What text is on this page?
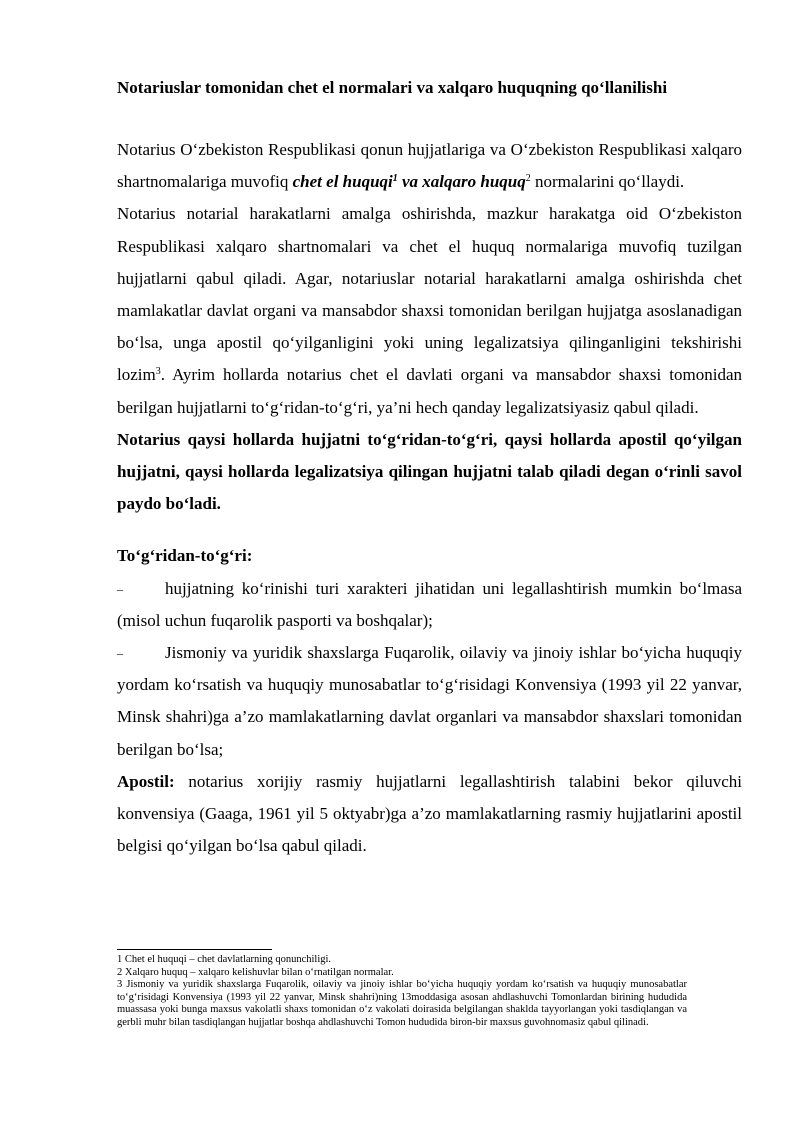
Notariuslar tomonidan chet el normalari va xalqaro huquqning qo‘llanilishi

Notarius O‘zbekiston Respublikasi qonun hujjatlariga va O‘zbekiston Respublikasi xalqaro shartnomalariga muvofiq chet el huquqi$^1$ va xalqaro huquq$^2$ normalarini qo‘llaydi.

Notarius notarial harakatlarni amalga oshirishda, mazkur harakatga oid O‘zbekiston Respublikasi xalqaro shartnomalari va chet el huquq normalariga muvofiq tuzilgan hujjatlarni qabul qiladi. Agar, notariuslar notarial harakatlarni amalga oshirishda chet mamlakatlar davlat organi va mansabdor shaxsi tomonidan berilgan hujjatga asoslanadigan bo‘lsa, unga apostil qo‘yilganligini yoki uning legalizatsiya qilinganligini tekshirishi lozim$^3$. Ayrim hollarda notarius chet el davlati organi va mansabdor shaxsi tomonidan berilgan hujjatlarni to‘g‘ridan-to‘g‘ri, ya’ni hech qanday legalizatsiyasiz qabul qiladi.

Notarius qaysi hollarda hujjatni to‘g‘ridan-to‘g‘ri, qaysi hollarda apostil qo‘yilgan hujjatni, qaysi hollarda legalizatsiya qilingan hujjatni talab qiladi degan o‘rinli savol paydo bo‘ladi.

To‘g‘ridan-to‘g‘ri:

– hujjatning ko‘rinishi turi xarakteri jihatidan uni legallashtirish mumkin bo‘lmasa (misol uchun fuqarolik pasporti va boshqalar);

– Jismoniy va yuridik shaxslarga Fuqarolik, oilaviy va jinoiy ishlar bo‘yicha huquqiy yordam ko‘rsatish va huquqiy munosabatlar to‘g‘risidagi Konvensiya (1993 yil 22 yanvar, Minsk shahri)ga a’zo mamlakatlarning davlat organlari va mansabdor shaxslari tomonidan berilgan bo‘lsa;

Apostil: notarius xorijiy rasmiy hujjatlarni legallashtirish talabini bekor qiluvchi konvensiya (Gaaga, 1961 yil 5 oktyabr)ga a’zo mamlakatlarning rasmiy hujjatlarini apostil belgisi qo‘yilgan bo‘lsa qabul qiladi.

1 Chet el huquqi – chet davlatlarning qonunchiligi.
2 Xalqaro huquq – xalqaro kelishuvlar bilan o‘rnatilgan normalar.
3 Jismoniy va yuridik shaxslarga Fuqarolik, oilaviy va jinoiy ishlar bo‘yicha huquqiy yordam ko‘rsatish va huquqiy munosabatlar to‘g‘risidagi Konvensiya (1993 yil 22 yanvar, Minsk shahri)ning 13moddasiga asosan ahdlashuvchi Tomonlardan birining hududida muassasa yoki bunga maxsus vakolatli shaxs tomonidan o‘z vakolati doirasida belgilangan shaklda tayyorlangan yoki tasdiqlangan va gerbli muhr bilan tasdiqlangan hujjatlar boshqa ahdlashuvchi Tomon hududida biron-bir maxsus guvohnomasiz qabul qilinadi.
